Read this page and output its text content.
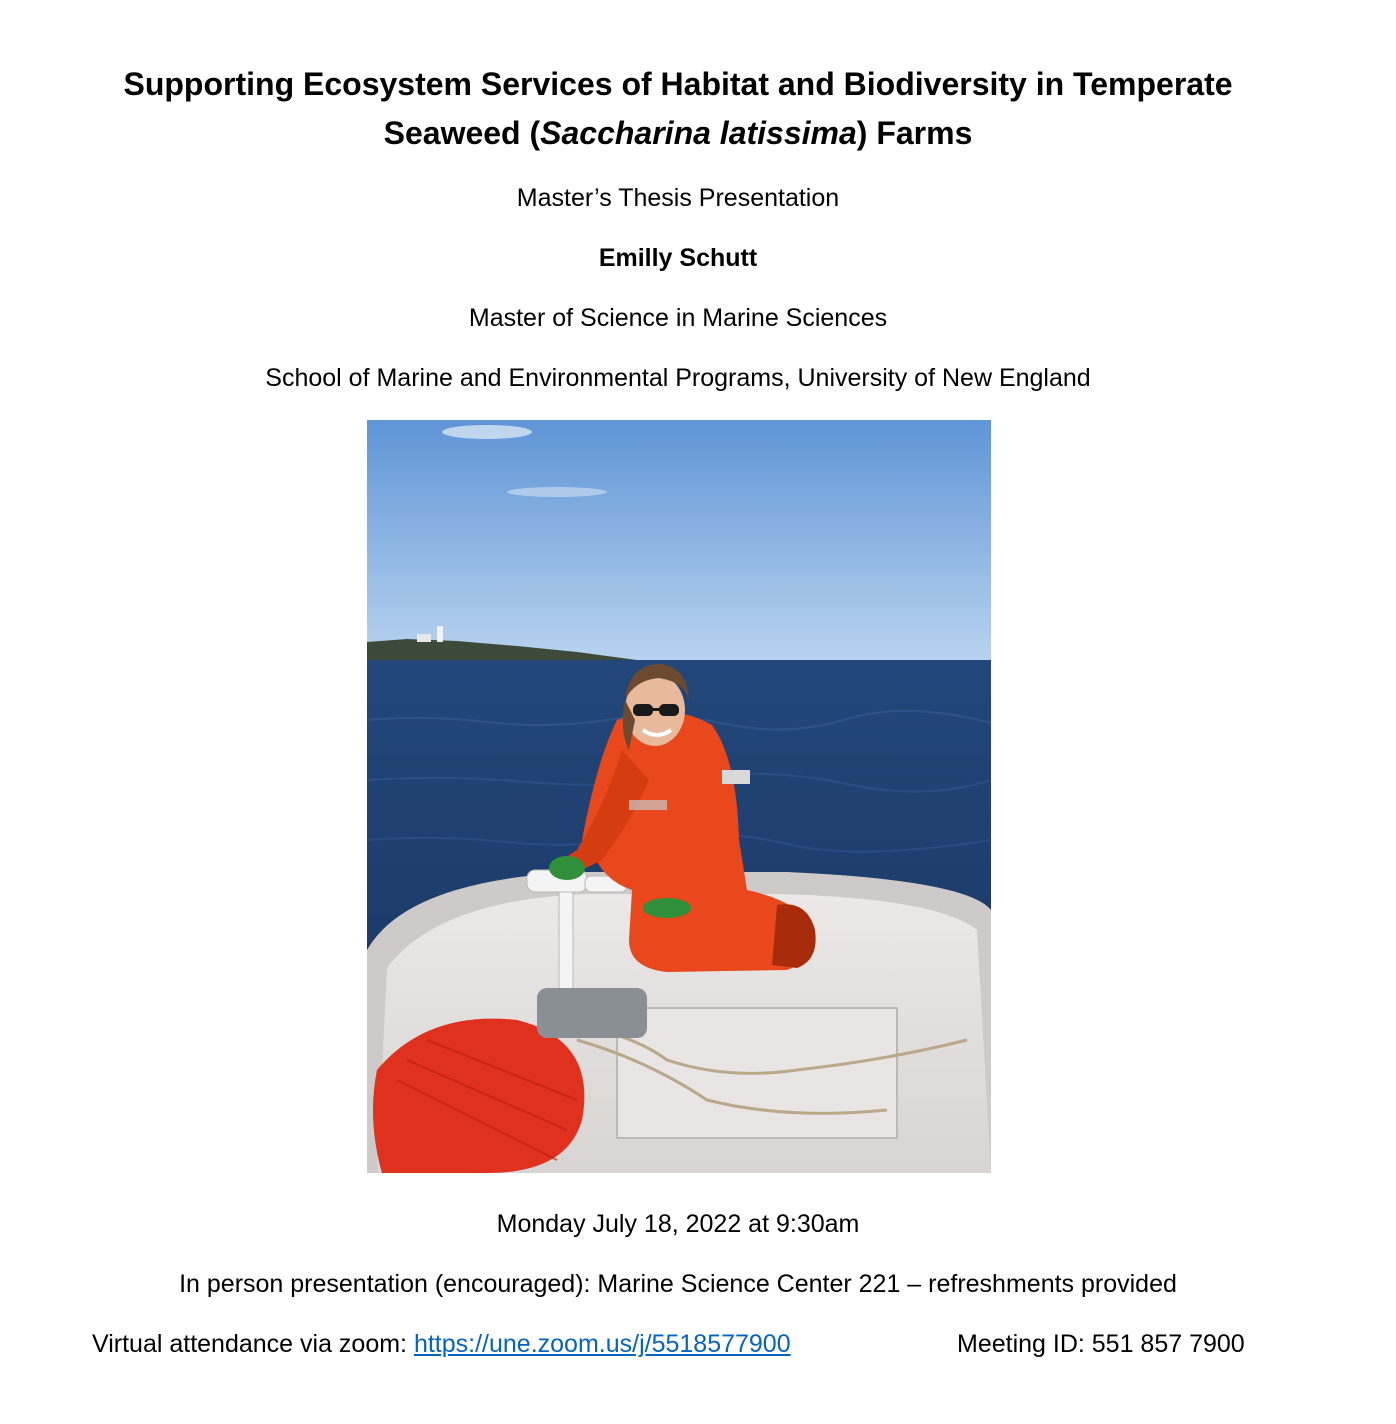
Supporting Ecosystem Services of Habitat and Biodiversity in Temperate
Seaweed (Saccharina latissima) Farms
Master’s Thesis Presentation
Emilly Schutt
Master of Science in Marine Sciences
School of Marine and Environmental Programs, University of New England
Monday July 18, 2022 at 9:30am
In person presentation (encouraged): Marine Science Center 221 – refreshments provided
Virtual attendance via zoom: https://une.zoom.us/j/5518577900	Meeting ID: 551 857 7900
